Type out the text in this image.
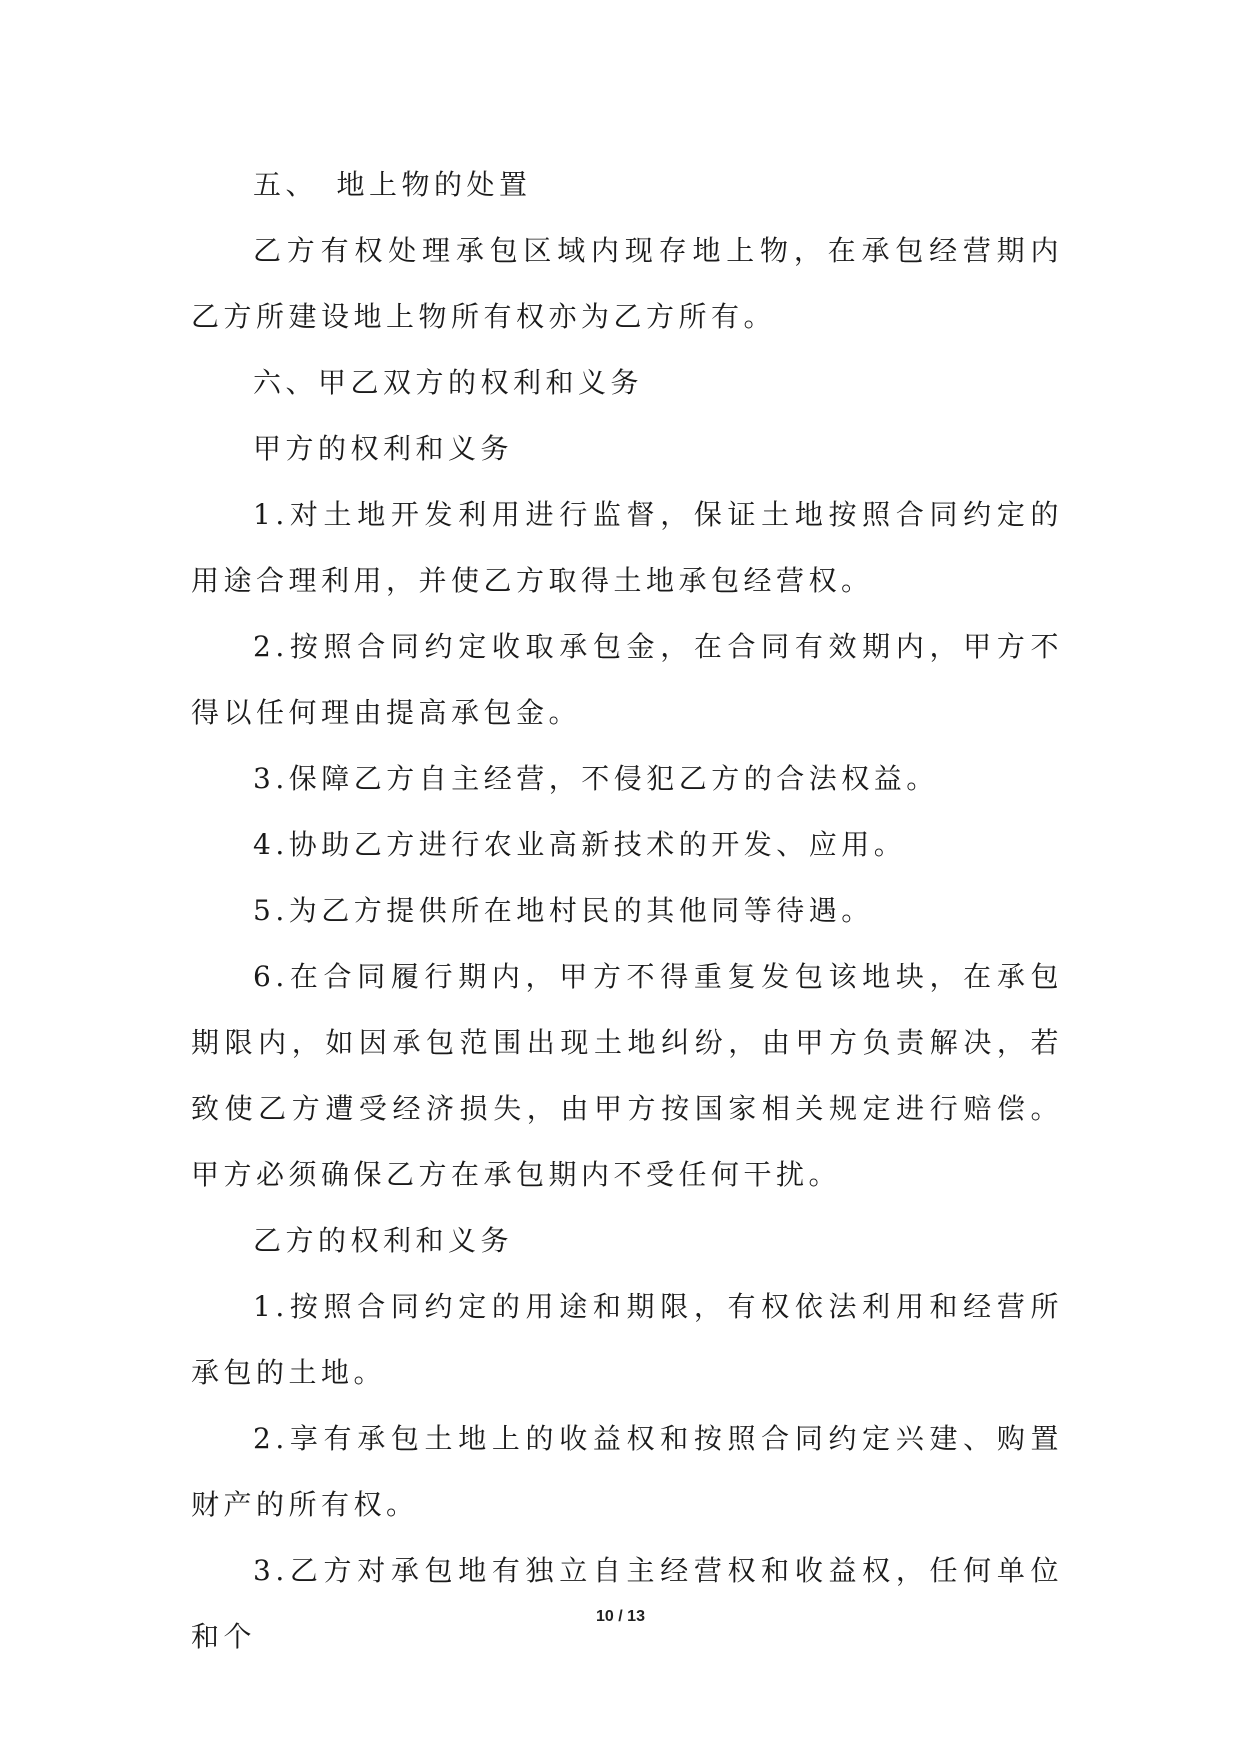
五、　地上物的处置

乙方有权处理承包区域内现存地上物，在承包经营期内乙方所建设地上物所有权亦为乙方所有。

六、甲乙双方的权利和义务

甲方的权利和义务

1.对土地开发利用进行监督，保证土地按照合同约定的用途合理利用，并使乙方取得土地承包经营权。

2.按照合同约定收取承包金，在合同有效期内，甲方不得以任何理由提高承包金。

3.保障乙方自主经营，不侵犯乙方的合法权益。

4.协助乙方进行农业高新技术的开发、应用。

5.为乙方提供所在地村民的其他同等待遇。

6.在合同履行期内，甲方不得重复发包该地块，在承包期限内，如因承包范围出现土地纠纷，由甲方负责解决，若致使乙方遭受经济损失，由甲方按国家相关规定进行赔偿。甲方必须确保乙方在承包期内不受任何干扰。

乙方的权利和义务

1.按照合同约定的用途和期限，有权依法利用和经营所承包的土地。

2.享有承包土地上的收益权和按照合同约定兴建、购置财产的所有权。

3.乙方对承包地有独立自主经营权和收益权，任何单位和个

10 / 13
